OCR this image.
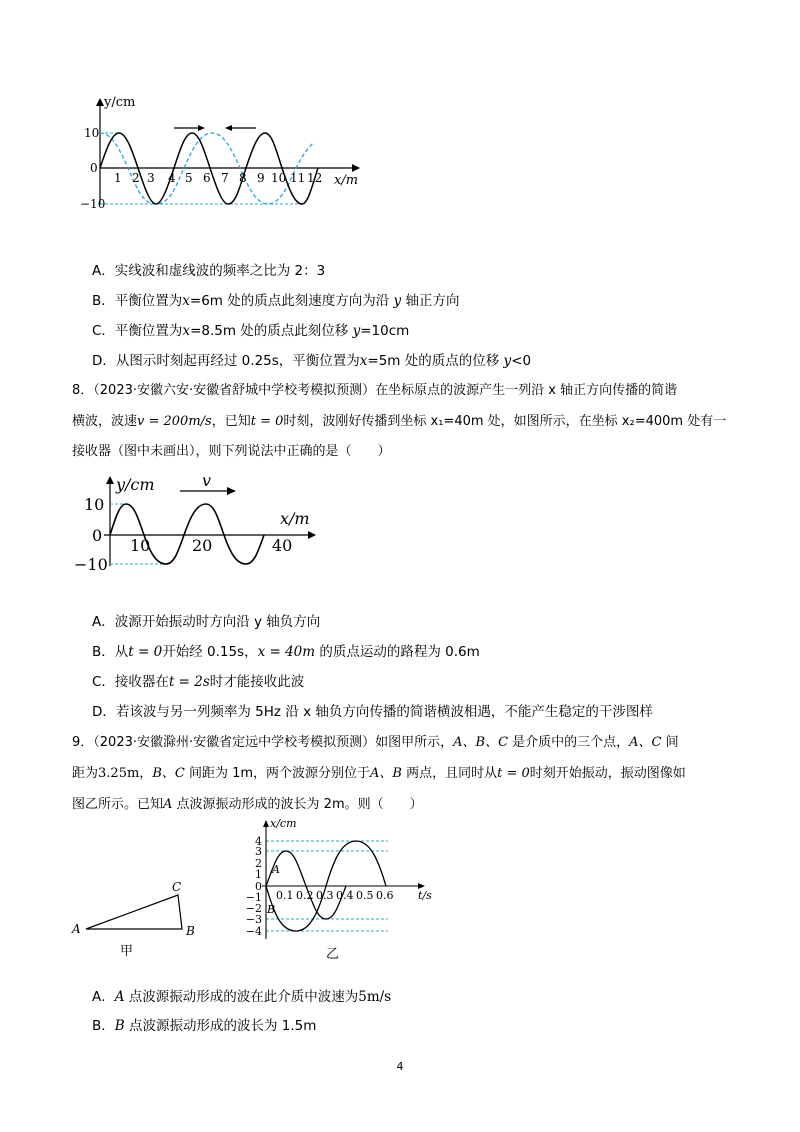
y/cm
x/m
10
0
−10
1 2 3 4 5 6 7 8 9 10 11 12
A．实线波和虚线波的频率之比为 2：3
B．平衡位置为x=6m 处的质点此刻速度方向为沿 y 轴正方向
C．平衡位置为x=8.5m 处的质点此刻位移 y=10cm
D．从图示时刻起再经过 0.25s，平衡位置为x=5m 处的质点的位移 y<0
8．（2023·安徽六安·安徽省舒城中学校考模拟预测）在坐标原点的波源产生一列沿 x 轴正方向传播的简谐
横波，波速v = 200m/s，已知t = 0时刻，波刚好传播到坐标 x₁=40m 处，如图所示，在坐标 x₂=400m 处有一
接收器（图中未画出），则下列说法中正确的是（　　）
v
y/cm
x/m
10
0
−10
10	20	40
A．波源开始振动时方向沿 y 轴负方向
B．从t = 0开始经 0.15s，x = 40m 的质点运动的路程为 0.6m
C．接收器在t = 2s时才能接收此波
D．若该波与另一列频率为 5Hz 沿 x 轴负方向传播的简谐横波相遇，不能产生稳定的干涉图样
9．（2023·安徽滁州·安徽省定远中学校考模拟预测）如图甲所示，A、B、C 是介质中的三个点，A、C 间
距为3.25m，B、C 间距为 1m，两个波源分别位于A、B 两点，且同时从t = 0时刻开始振动，振动图像如
图乙所示。已知A 点波源振动形成的波长为 2m。则（　　）
A	B
C
甲
x/cm
t/s
4
3
2
1
0
−1
−2
−3
−4
0.1 0.2 0.3 0.4 0.5 0.6
A
B
乙
A．A 点波源振动形成的波在此介质中波速为5m/s
B．B 点波源振动形成的波长为 1.5m
4
